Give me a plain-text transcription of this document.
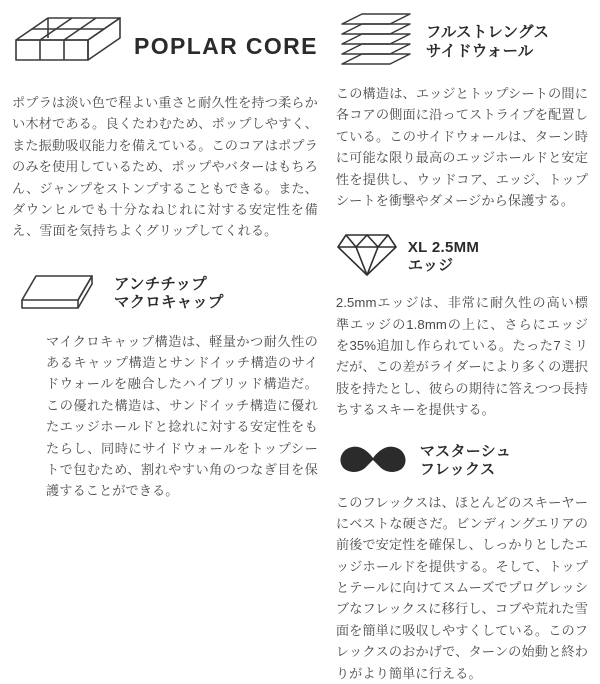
POPLAR CORE
ポプラは淡い色で程よい重さと耐久性を持つ柔らかい木材である。良くたわむため、ポップしやすく、また振動吸収能力を備えている。このコアはポプラのみを使用しているため、ポップやバターはもちろん、ジャンプをストンプすることもできる。また、ダウンヒルでも十分なねじれに対する安定性を備え、雪面を気持ちよくグリップしてくれる。
アンチチップ
マクロキャップ
マイクロキャップ構造は、軽量かつ耐久性のあるキャップ構造とサンドイッチ構造のサイドウォールを融合したハイブリッド構造だ。この優れた構造は、サンドイッチ構造に優れたエッジホールドと捻れに対する安定性をもたらし、同時にサイドウォールをトップシートで包むため、割れやすい角のつなぎ目を保護することができる。
フルストレングス
サイドウォール
この構造は、エッジとトップシートの間に各コアの側面に沿ってストライプを配置している。このサイドウォールは、ターン時に可能な限り最高のエッジホールドと安定性を提供し、ウッドコア、エッジ、トップシートを衝撃やダメージから保護する。
XL 2.5MM
エッジ
2.5mmエッジは、非常に耐久性の高い標準エッジの1.8mmの上に、さらにエッジを35%追加し作られている。たった7ミリだが、この差がライダーにより多くの選択肢を持たとし、彼らの期待に答えつつ長持ちするスキーを提供する。
マスターシュ
フレックス
このフレックスは、ほとんどのスキーヤーにベストな硬さだ。ビンディングエリアの前後で安定性を確保し、しっかりとしたエッジホールドを提供する。そして、トップとテールに向けてスムーズでプログレッシブなフレックスに移行し、コブや荒れた雪面を簡単に吸収しやすくしている。このフレックスのおかげで、ターンの始動と終わりがより簡単に行える。
